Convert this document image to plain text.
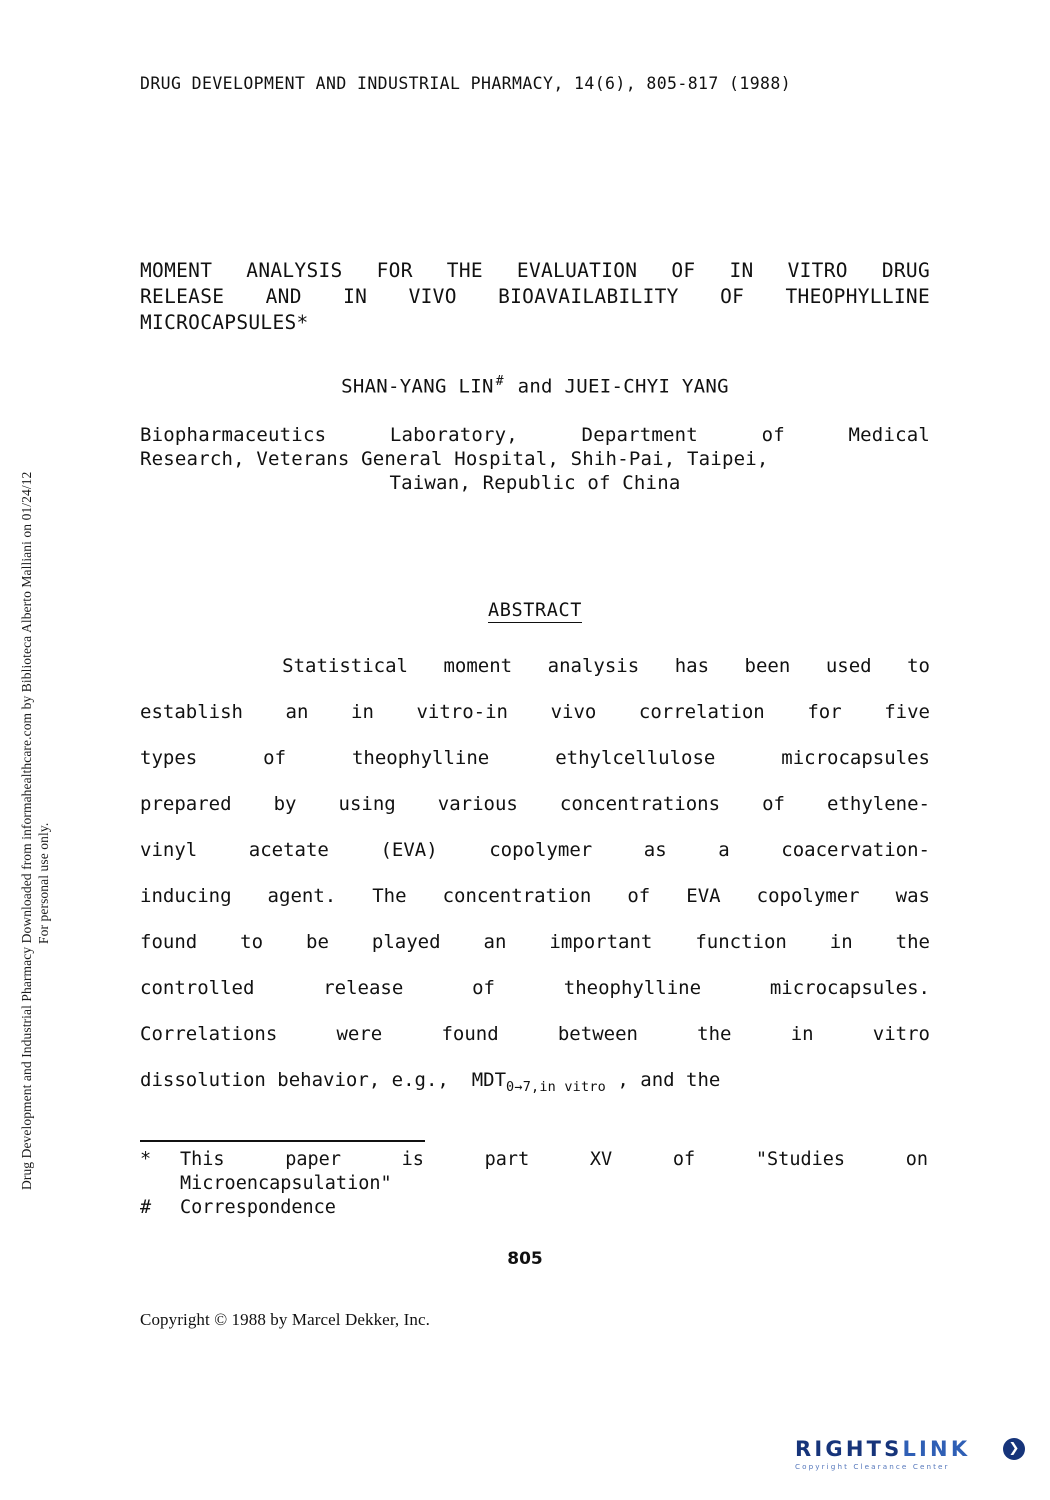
Drug Development and Industrial Pharmacy Downloaded from informahealthcare.com by Biblioteca Alberto Malliani on 01/24/12 For personal use only.
DRUG DEVELOPMENT AND INDUSTRIAL PHARMACY, 14(6), 805-817 (1988)
MOMENT ANALYSIS FOR THE EVALUATION OF IN VITRO DRUG
RELEASE AND IN VIVO BIOAVAILABILITY OF THEOPHYLLINE
MICROCAPSULES*
SHAN-YANG LIN # and JUEI-CHYI YANG
Biopharmaceutics Laboratory, Department of Medical
Research, Veterans General Hospital, Shih-Pai, Taipei,
Taiwan, Republic of China
ABSTRACT

Statistical moment analysis has been used to

establish an in vitro-in vivo correlation for five

types of theophylline ethylcellulose microcapsules

prepared by using various concentrations of ethylene-

vinyl acetate (EVA) copolymer as a coacervation-

inducing agent. The concentration of EVA copolymer was

found to be played an important function in the

controlled release of theophylline microcapsules.

Correlations were found between the in vitro

dissolution behavior, e.g.,  $MDT_{0\to 7,in vitro}$ , and the

* This paper is part XV of "Studies on
Microencapsulation"
# Correspondence
805
Copyright © 1988 by Marcel Dekker, Inc.
RIGHTSLINK
Copyright Clearance Center
❯
